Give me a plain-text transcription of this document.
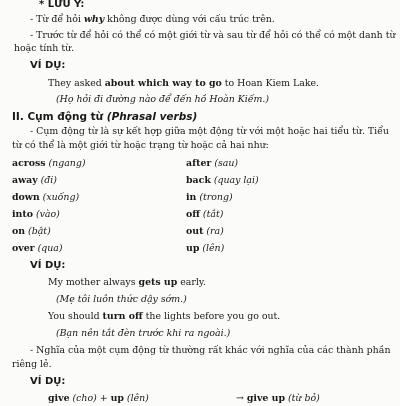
* LƯU Ý:
- Từ để hỏi why không được dùng với cấu trúc trên.
- Trước từ để hỏi có thể có một giới từ và sau từ để hỏi có thể có một danh từ
hoặc tính từ.
VÍ DỤ:
They asked about which way to go to Hoan Kiem Lake.
(Họ hỏi đi đường nào để đến hồ Hoàn Kiếm.)
II. Cụm động từ (Phrasal verbs)
- Cụm động từ là sự kết hợp giữa một động từ với một hoặc hai tiểu từ. Tiểu
từ có thể là một giới từ hoặc trạng từ hoặc cả hai như:
across (ngang)	after (sau)
away (đi)	back (quay lại)
down (xuống)	in (trong)
into (vào)	off (tắt)
on (bật)	out (ra)
over (qua)	up (lên)
VÍ DỤ:
My mother always gets up early.
(Mẹ tôi luôn thức dậy sớm.)
You should turn off the lights before you go out.
(Bạn nên tắt đèn trước khi ra ngoài.)
- Nghĩa của một cụm động từ thường rất khác với nghĩa của các thành phần
riêng lẻ.
VÍ DỤ:
give (cho) + up (lên)	→ give up (từ bỏ)
